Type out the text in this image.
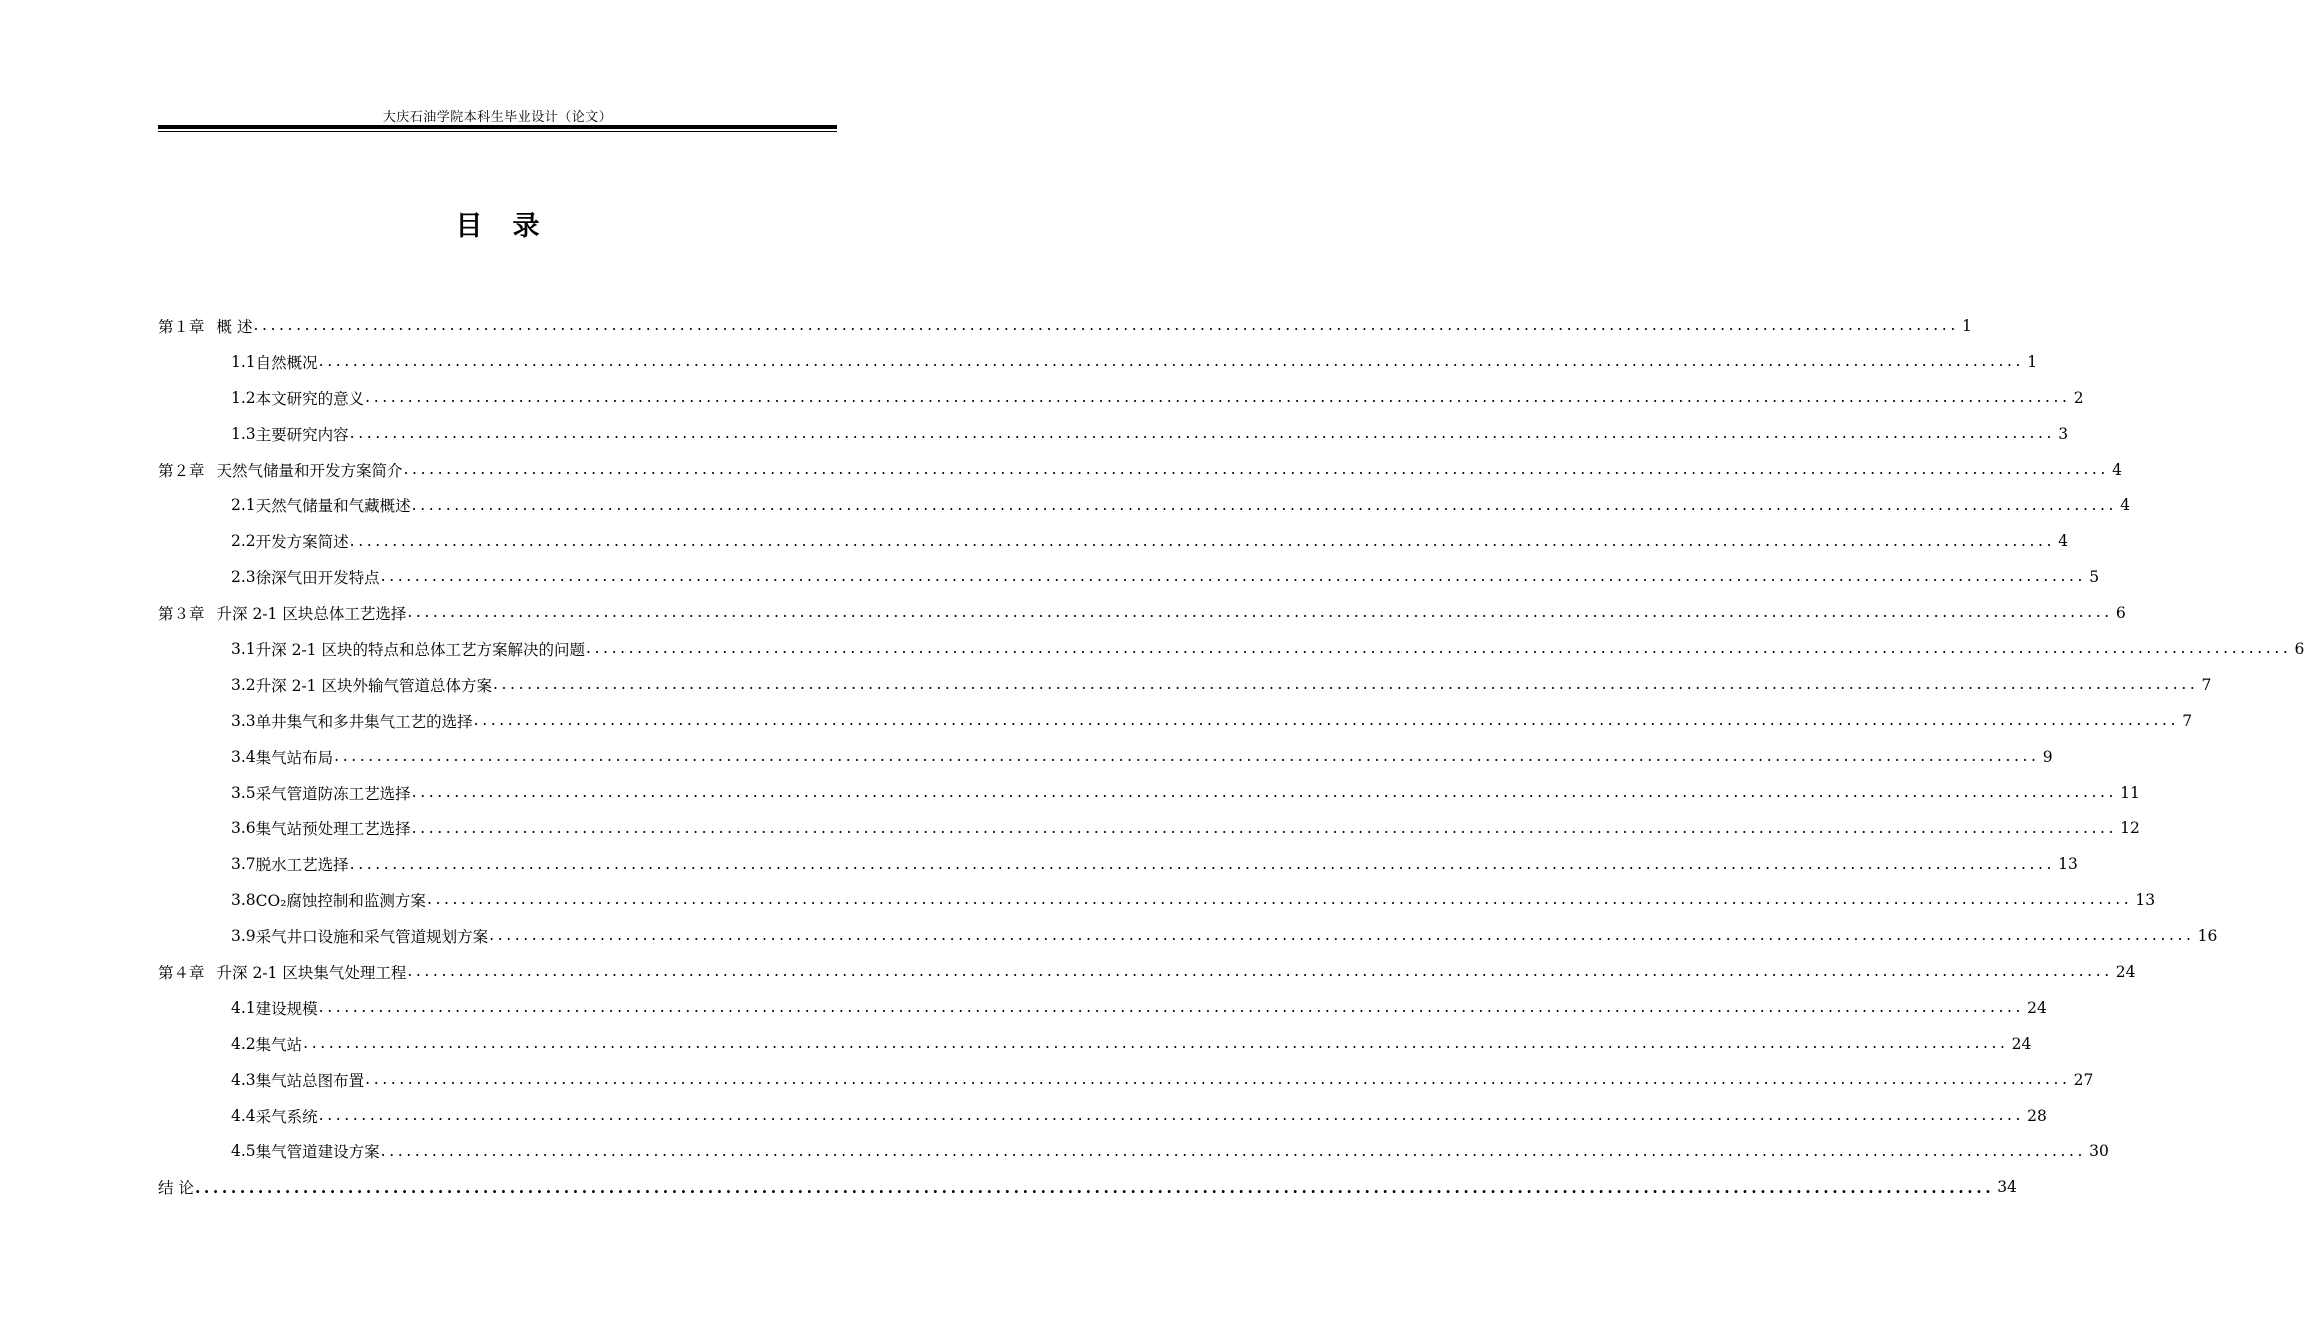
大庆石油学院本科生毕业设计（论文）
目 录
第１章 概 述 ........................................................................................................................................................................................................ 1
1.1 自然概况 ........................................................................................................................................................................................................ 1
1.2 本文研究的意义 ........................................................................................................................................................................................................ 2
1.3 主要研究内容 ........................................................................................................................................................................................................ 3
第２章 天然气储量和开发方案简介 ........................................................................................................................................................................................................ 4
2.1 天然气储量和气藏概述 ........................................................................................................................................................................................................ 4
2.2 开发方案简述 ........................................................................................................................................................................................................ 4
2.3 徐深气田开发特点 ........................................................................................................................................................................................................ 5
第３章 升深 2-1 区块总体工艺选择 ........................................................................................................................................................................................................ 6
3.1 升深 2-1 区块的特点和总体工艺方案解决的问题 ........................................................................................................................................................................................................ 6
3.2 升深 2-1 区块外输气管道总体方案 ........................................................................................................................................................................................................ 7
3.3 单井集气和多井集气工艺的选择 ........................................................................................................................................................................................................ 7
3.4 集气站布局 ........................................................................................................................................................................................................ 9
3.5 采气管道防冻工艺选择 ........................................................................................................................................................................................................ 11
3.6 集气站预处理工艺选择 ........................................................................................................................................................................................................ 12
3.7 脱水工艺选择 ........................................................................................................................................................................................................ 13
3.8 CO₂腐蚀控制和监测方案 ........................................................................................................................................................................................................ 13
3.9 采气井口设施和采气管道规划方案 ........................................................................................................................................................................................................ 16
第４章 升深 2-1 区块集气处理工程 ........................................................................................................................................................................................................ 24
4.1 建设规模 ........................................................................................................................................................................................................ 24
4.2 集气站 ........................................................................................................................................................................................................ 24
4.3 集气站总图布置 ........................................................................................................................................................................................................ 27
4.4 采气系统 ........................................................................................................................................................................................................ 28
4.5 集气管道建设方案 ........................................................................................................................................................................................................ 30
结 论 ........................................................................................................................................................................................................ 34
